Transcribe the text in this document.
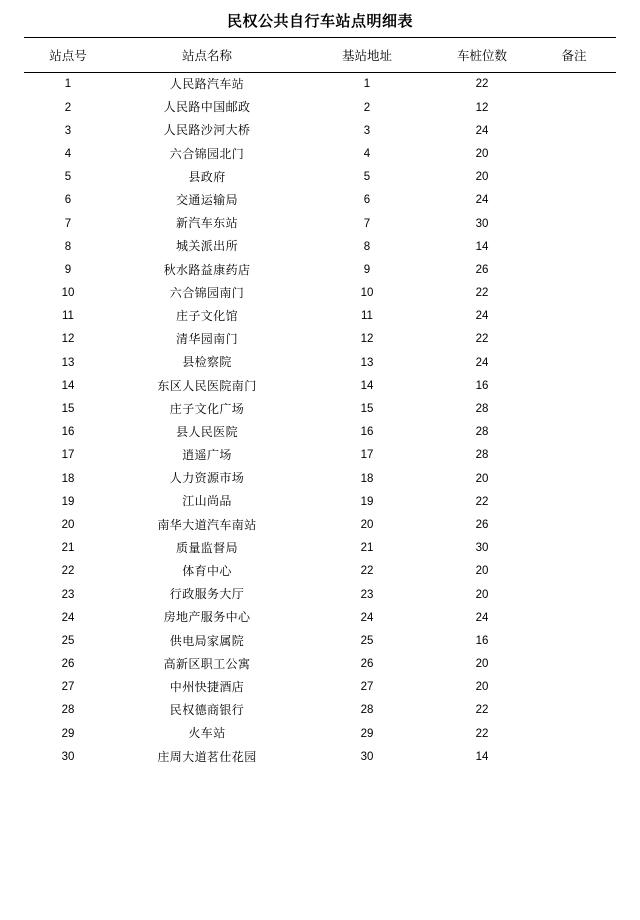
民权公共自行车站点明细表
站点号	站点名称	基站地址	车桩位数	备注
1	人民路汽车站	1	22	
2	人民路中国邮政	2	12	
3	人民路沙河大桥	3	24	
4	六合锦园北门	4	20	
5	县政府	5	20	
6	交通运输局	6	24	
7	新汽车东站	7	30	
8	城关派出所	8	14	
9	秋水路益康药店	9	26	
10	六合锦园南门	10	22	
11	庄子文化馆	11	24	
12	清华园南门	12	22	
13	县检察院	13	24	
14	东区人民医院南门	14	16	
15	庄子文化广场	15	28	
16	县人民医院	16	28	
17	逍遥广场	17	28	
18	人力资源市场	18	20	
19	江山尚品	19	22	
20	南华大道汽车南站	20	26	
21	质量监督局	21	30	
22	体育中心	22	20	
23	行政服务大厅	23	20	
24	房地产服务中心	24	24	
25	供电局家属院	25	16	
26	高新区职工公寓	26	20	
27	中州快捷酒店	27	20	
28	民权德商银行	28	22	
29	火车站	29	22	
30	庄周大道茗仕花园	30	14	
